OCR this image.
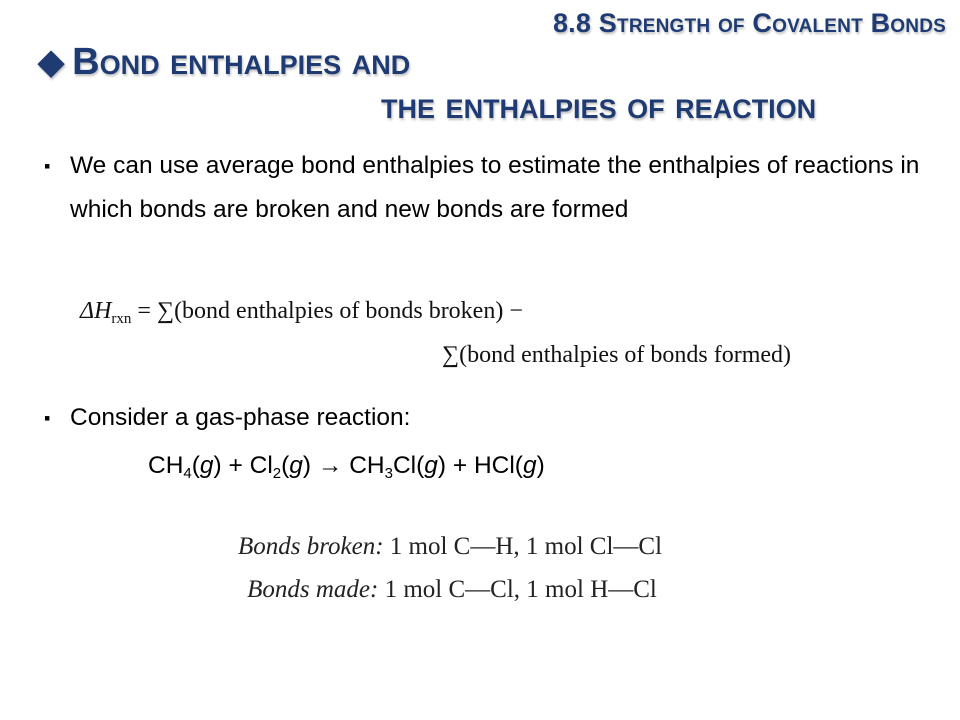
8.8 Strength of Covalent Bonds
◆ Bond enthalpies and
the enthalpies of reaction
▪ We can use average bond enthalpies to estimate the enthalpies of reactions in which bonds are broken and new bonds are formed
$\Delta H_{rxn}$ = ∑(bond enthalpies of bonds broken) −
∑(bond enthalpies of bonds formed)
▪ Consider a gas-phase reaction:
$CH_4(g) + Cl_2(g) \to CH_3Cl(g) + HCl(g)$
Bonds broken: 1 mol C—H, 1 mol Cl—Cl
Bonds made: 1 mol C—Cl, 1 mol H—Cl
